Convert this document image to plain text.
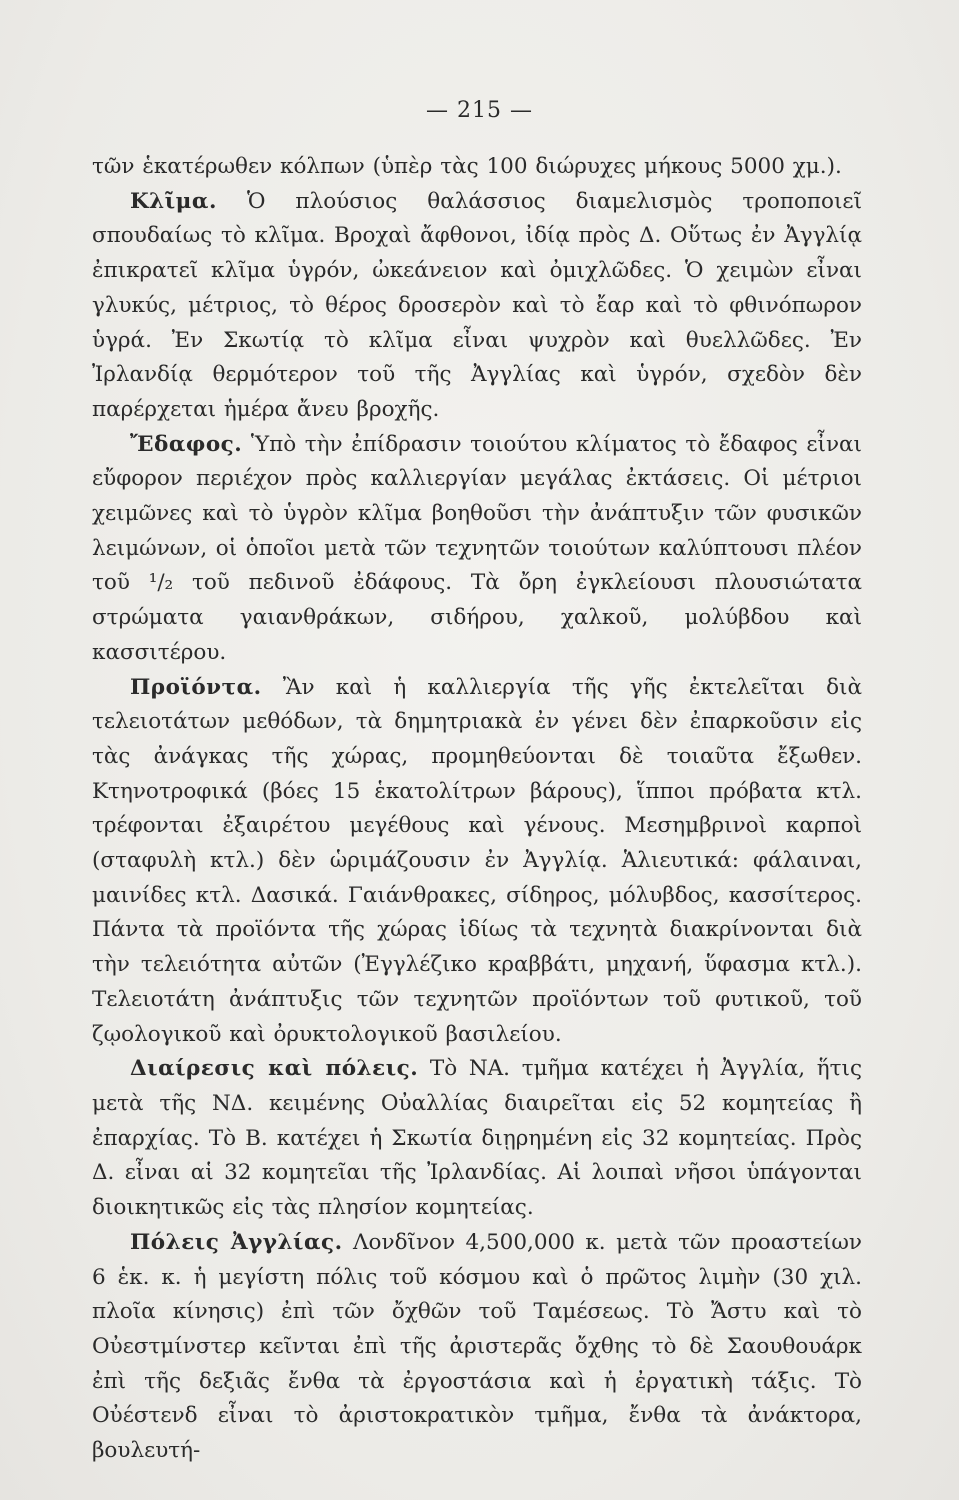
— 215 —

τῶν ἑκατέρωθεν κόλπων (ὑπὲρ τὰς 100 διώρυχες μήκους 5000 χμ.).

Κλῖμα. Ὁ πλούσιος θαλάσσιος διαμελισμὸς τροποποιεῖ σπουδαίως τὸ κλῖμα. Βροχαὶ ἄφθονοι, ἰδίᾳ πρὸς Δ. Οὕτως ἐν Ἀγγλίᾳ ἐπικρατεῖ κλῖμα ὑγρόν, ὠκεάνειον καὶ ὀμιχλῶδες. Ὁ χειμὼν εἶναι γλυκύς, μέτριος, τὸ θέρος δροσερὸν καὶ τὸ ἔαρ καὶ τὸ φθινόπωρον ὑγρά. Ἐν Σκωτίᾳ τὸ κλῖμα εἶναι ψυχρὸν καὶ θυελλῶδες. Ἐν Ἰρλανδίᾳ θερμότερον τοῦ τῆς Ἀγγλίας καὶ ὑγρόν, σχεδὸν δὲν παρέρχεται ἡμέρα ἄνευ βροχῆς.

Ἔδαφος. Ὑπὸ τὴν ἐπίδρασιν τοιούτου κλίματος τὸ ἔδαφος εἶναι εὔφορον περιέχον πρὸς καλλιεργίαν μεγάλας ἐκτάσεις. Οἱ μέτριοι χειμῶνες καὶ τὸ ὑγρὸν κλῖμα βοηθοῦσι τὴν ἀνάπτυξιν τῶν φυσικῶν λειμώνων, οἱ ὁποῖοι μετὰ τῶν τεχνητῶν τοιούτων καλύπτουσι πλέον τοῦ ¹/₂ τοῦ πεδινοῦ ἐδάφους. Τὰ ὄρη ἐγκλείουσι πλουσιώτατα στρώματα γαιανθράκων, σιδήρου, χαλκοῦ, μολύβδου καὶ κασσιτέρου.

Προϊόντα. Ἂν καὶ ἡ καλλιεργία τῆς γῆς ἐκτελεῖται διὰ τελειοτάτων μεθόδων, τὰ δημητριακὰ ἐν γένει δὲν ἐπαρκοῦσιν εἰς τὰς ἀνάγκας τῆς χώρας, προμηθεύονται δὲ τοιαῦτα ἔξωθεν. Κτηνοτροφικά (βόες 15 ἑκατολίτρων βάρους), ἵπποι πρόβατα κτλ. τρέφονται ἐξαιρέτου μεγέθους καὶ γένους. Μεσημβρινοὶ καρποὶ (σταφυλὴ κτλ.) δὲν ὡριμάζουσιν ἐν Ἀγγλίᾳ. Ἁλιευτικά: φάλαιναι, μαινίδες κτλ. Δασικά. Γαιάνθρακες, σίδηρος, μόλυβδος, κασσίτερος. Πάντα τὰ προϊόντα τῆς χώρας ἰδίως τὰ τεχνητὰ διακρίνονται διὰ τὴν τελειότητα αὐτῶν (Ἐγγλέζικο κραββάτι, μηχανή, ὕφασμα κτλ.). Τελειοτάτη ἀνάπτυξις τῶν τεχνητῶν προϊόντων τοῦ φυτικοῦ, τοῦ ζῳολογικοῦ καὶ ὀρυκτολογικοῦ βασιλείου.

Διαίρεσις καὶ πόλεις. Τὸ ΝΑ. τμῆμα κατέχει ἡ Ἀγγλία, ἥτις μετὰ τῆς ΝΔ. κειμένης Οὐαλλίας διαιρεῖται εἰς 52 κομητείας ἢ ἐπαρχίας. Τὸ Β. κατέχει ἡ Σκωτία διῃρημένη εἰς 32 κομητείας. Πρὸς Δ. εἶναι αἱ 32 κομητεῖαι τῆς Ἰρλανδίας. Αἱ λοιπαὶ νῆσοι ὑπάγονται διοικητικῶς εἰς τὰς πλησίον κομητείας.

Πόλεις Ἀγγλίας. Λονδῖνον 4,500,000 κ. μετὰ τῶν προαστείων 6 ἑκ. κ. ἡ μεγίστη πόλις τοῦ κόσμου καὶ ὁ πρῶτος λιμὴν (30 χιλ. πλοῖα κίνησις) ἐπὶ τῶν ὄχθῶν τοῦ Ταμέσεως. Τὸ Ἄστυ καὶ τὸ Οὐεστμίνστερ κεῖνται ἐπὶ τῆς ἀριστερᾶς ὄχθης τὸ δὲ Σαουθουάρκ ἐπὶ τῆς δεξιᾶς ἔνθα τὰ ἐργοστάσια καὶ ἡ ἐργατικὴ τάξις. Τὸ Οὐέστενδ εἶναι τὸ ἀριστοκρατικὸν τμῆμα, ἔνθα τὰ ἀνάκτορα, βουλευτή-
